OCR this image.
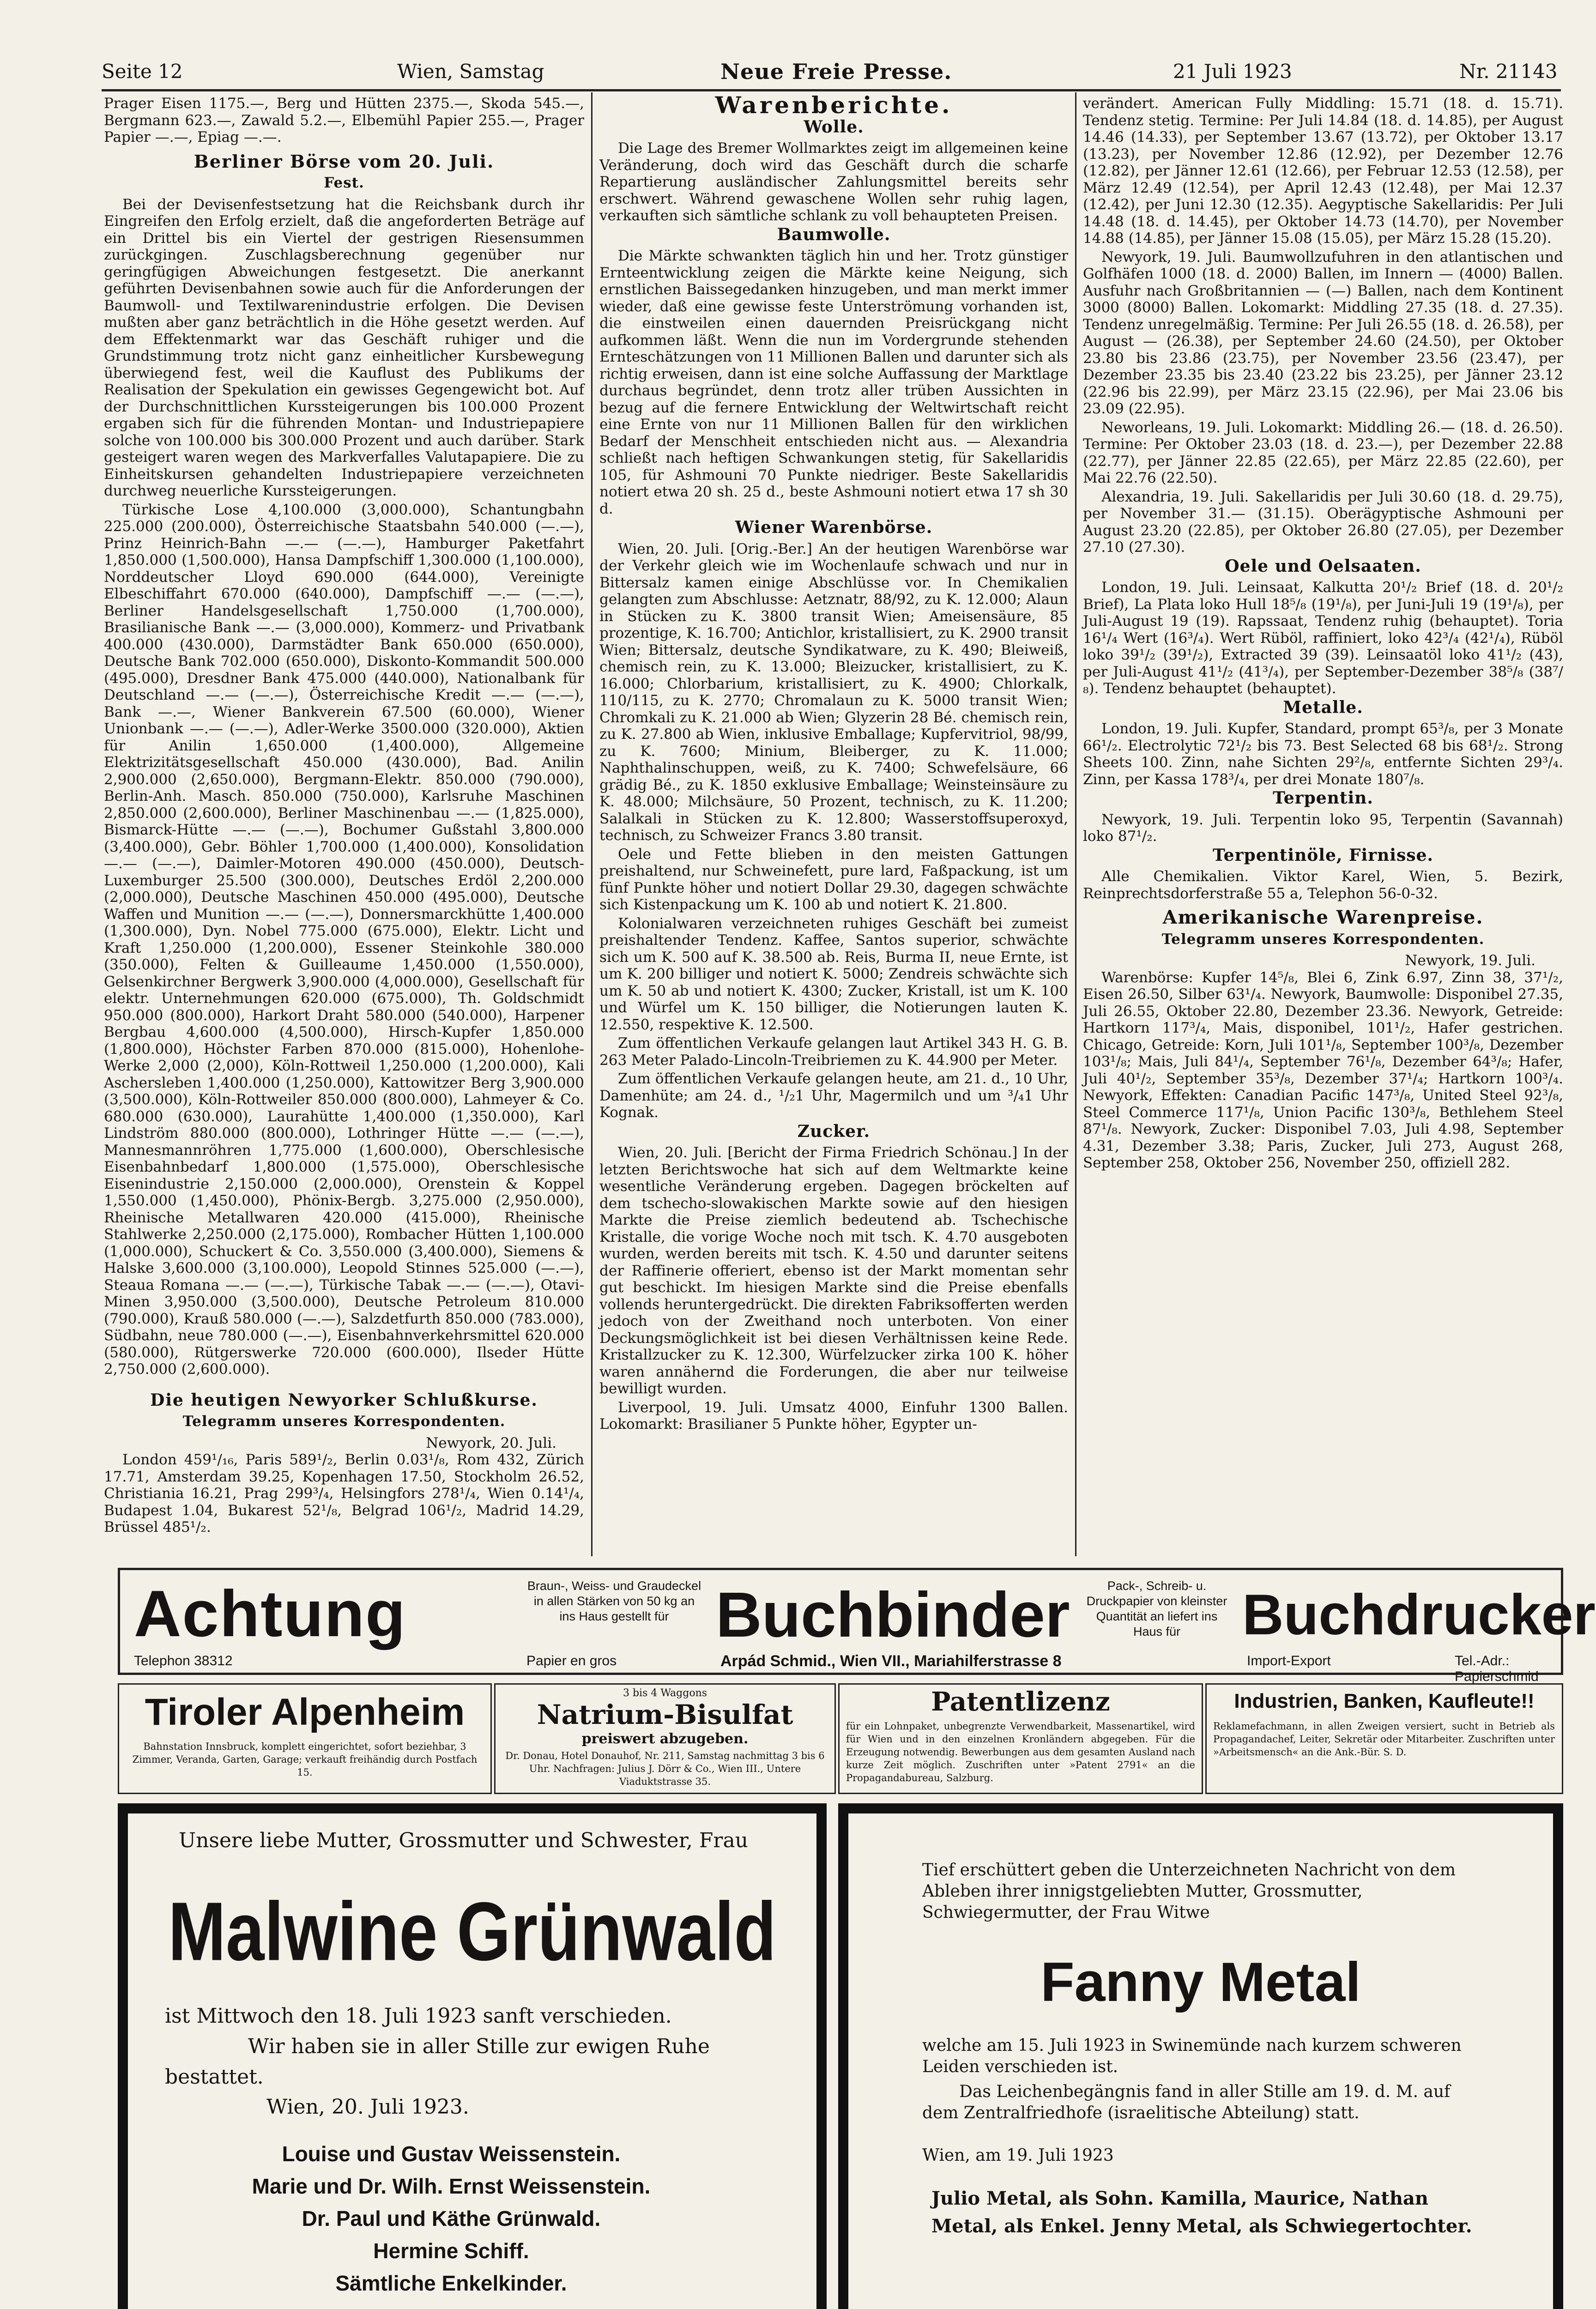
Seite 12	Wien, Samstag	Neue Freie Presse.	21 Juli 1923	Nr. 21143

Prager Eisen 1175.—, Berg und Hütten 2375.—, Skoda 545.—, Bergmann 623.—, Zawald 5.2.—, Elbemühl Papier 255.—, Prager Papier —.—, Epiag —.—.

Berliner Börse vom 20. Juli.
Fest.

Bei der Devisenfestsetzung hat die Reichsbank durch ihr Eingreifen den Erfolg erzielt, daß die angeforderten Beträge auf ein Drittel bis ein Viertel der gestrigen Riesensummen zurückgingen. Zuschlagsberechnung gegenüber nur geringfügigen Abweichungen festgesetzt. Die anerkannt geführten Devisenbahnen sowie auch für die Anforderungen der Baumwoll- und Textilwarenindustrie erfolgen. Die Devisen mußten aber ganz beträchtlich in die Höhe gesetzt werden. Auf dem Effektenmarkt war das Geschäft ruhiger und die Grundstimmung trotz nicht ganz einheitlicher Kursbewegung überwiegend fest, weil die Kauflust des Publikums der Realisation der Spekulation ein gewisses Gegengewicht bot. Auf der Durchschnittlichen Kurssteigerungen bis 100.000 Prozent ergaben sich für die führenden Montan- und Industriepapiere solche von 100.000 bis 300.000 Prozent und auch darüber. Stark gesteigert waren wegen des Markverfalles Valutapapiere. Die zu Einheitskursen gehandelten Industriepapiere verzeichneten durchweg neuerliche Kurssteigerungen.

Türkische Lose 4,100.000 (3,000.000), Schantungbahn 225.000 (200.000), Österreichische Staatsbahn 540.000 (—.—), Prinz Heinrich-Bahn —.— (—.—), Hamburger Paketfahrt 1,850.000 (1,500.000), Hansa Dampfschiff 1,300.000 (1,100.000), Norddeutscher Lloyd 690.000 (644.000), Vereinigte Elbeschiffahrt 670.000 (640.000), Dampfschiff —.— (—.—), Berliner Handelsgesellschaft 1,750.000 (1,700.000), Brasilianische Bank —.— (3,000.000), Kommerz- und Privatbank 400.000 (430.000), Darmstädter Bank 650.000 (650.000), Deutsche Bank 702.000 (650.000), Diskonto-Kommandit 500.000 (495.000), Dresdner Bank 475.000 (440.000), Nationalbank für Deutschland —.— (—.—), Österreichische Kredit —.— (—.—), Bank —.—, Wiener Bankverein 67.500 (60.000), Wiener Unionbank —.— (—.—), Adler-Werke 3500.000 (320.000), Aktien für Anilin 1,650.000 (1,400.000), Allgemeine Elektrizitätsgesellschaft 450.000 (430.000), Bad. Anilin 2,900.000 (2,650.000), Bergmann-Elektr. 850.000 (790.000), Berlin-Anh. Masch. 850.000 (750.000), Karlsruhe Maschinen 2,850.000 (2,600.000), Berliner Maschinenbau —.— (1,825.000), Bismarck-Hütte —.— (—.—), Bochumer Gußstahl 3,800.000 (3,400.000), Gebr. Böhler 1,700.000 (1,400.000), Konsolidation —.— (—.—), Daimler-Motoren 490.000 (450.000), Deutsch-Luxemburger 25.500 (300.000), Deutsches Erdöl 2,200.000 (2,000.000), Deutsche Maschinen 450.000 (495.000), Deutsche Waffen und Munition —.— (—.—), Donnersmarckhütte 1,400.000 (1,300.000), Dyn. Nobel 775.000 (675.000), Elektr. Licht und Kraft 1,250.000 (1,200.000), Essener Steinkohle 380.000 (350.000), Felten & Guilleaume 1,450.000 (1,550.000), Gelsenkirchner Bergwerk 3,900.000 (4,000.000), Gesellschaft für elektr. Unternehmungen 620.000 (675.000), Th. Goldschmidt 950.000 (800.000), Harkort Draht 580.000 (540.000), Harpener Bergbau 4,600.000 (4,500.000), Hirsch-Kupfer 1,850.000 (1,800.000), Höchster Farben 870.000 (815.000), Hohenlohe-Werke 2,000 (2,000), Köln-Rottweil 1,250.000 (1,200.000), Kali Aschersleben 1,400.000 (1,250.000), Kattowitzer Berg 3,900.000 (3,500.000), Köln-Rottweiler 850.000 (800.000), Lahmeyer & Co. 680.000 (630.000), Laurahütte 1,400.000 (1,350.000), Karl Lindström 880.000 (800.000), Lothringer Hütte —.— (—.—), Mannesmannröhren 1,775.000 (1,600.000), Oberschlesische Eisenbahnbedarf 1,800.000 (1,575.000), Oberschlesische Eisenindustrie 2,150.000 (2,000.000), Orenstein & Koppel 1,550.000 (1,450.000), Phönix-Bergb. 3,275.000 (2,950.000), Rheinische Metallwaren 420.000 (415.000), Rheinische Stahlwerke 2,250.000 (2,175.000), Rombacher Hütten 1,100.000 (1,000.000), Schuckert & Co. 3,550.000 (3,400.000), Siemens & Halske 3,600.000 (3,100.000), Leopold Stinnes 525.000 (—.—), Steaua Romana —.— (—.—), Türkische Tabak —.— (—.—), Otavi-Minen 3,950.000 (3,500.000), Deutsche Petroleum 810.000 (790.000), Krauß 580.000 (—.—), Salzdetfurth 850.000 (783.000), Südbahn, neue 780.000 (—.—), Eisenbahnverkehrsmittel 620.000 (580.000), Rütgerswerke 720.000 (600.000), Ilseder Hütte 2,750.000 (2,600.000).

Die heutigen Newyorker Schlußkurse.
Telegramm unseres Korrespondenten.
Newyork, 20. Juli.

London 459¹/₁₆, Paris 589¹/₂, Berlin 0.03¹/₈, Rom 432, Zürich 17.71, Amsterdam 39.25, Kopenhagen 17.50, Stockholm 26.52, Christiania 16.21, Prag 299³/₄, Helsingfors 278¹/₄, Wien 0.14¹/₄, Budapest 1.04, Bukarest 52¹/₈, Belgrad 106¹/₂, Madrid 14.29, Brüssel 485¹/₂.

Warenberichte.
Wolle.

Die Lage des Bremer Wollmarktes zeigt im allgemeinen keine Veränderung, doch wird das Geschäft durch die scharfe Repartierung ausländischer Zahlungsmittel bereits sehr erschwert. Während gewaschene Wollen sehr ruhig lagen, verkauften sich sämtliche schlank zu voll behaupteten Preisen.

Baumwolle.

Die Märkte schwankten täglich hin und her. Trotz günstiger Ernteentwicklung zeigen die Märkte keine Neigung, sich ernstlichen Baissegedanken hinzugeben, und man merkt immer wieder, daß eine gewisse feste Unterströmung vorhanden ist, die einstweilen einen dauernden Preisrückgang nicht aufkommen läßt. Wenn die nun im Vordergrunde stehenden Ernteschätzungen von 11 Millionen Ballen und darunter sich als richtig erweisen, dann ist eine solche Auffassung der Marktlage durchaus begründet, denn trotz aller trüben Aussichten in bezug auf die fernere Entwicklung der Weltwirtschaft reicht eine Ernte von nur 11 Millionen Ballen für den wirklichen Bedarf der Menschheit entschieden nicht aus. — Alexandria schließt nach heftigen Schwankungen stetig, für Sakellaridis 105, für Ashmouni 70 Punkte niedriger. Beste Sakellaridis notiert etwa 20 sh. 25 d., beste Ashmouni notiert etwa 17 sh 30 d.

Wiener Warenbörse.

Wien, 20. Juli. [Orig.-Ber.] An der heutigen Warenbörse war der Verkehr gleich wie im Wochenlaufe schwach und nur in Bittersalz kamen einige Abschlüsse vor. In Chemikalien gelangten zum Abschlusse: Aetznatr, 88/92, zu K. 12.000; Alaun in Stücken zu K. 3800 transit Wien; Ameisensäure, 85 prozentige, K. 16.700; Antichlor, kristallisiert, zu K. 2900 transit Wien; Bittersalz, deutsche Syndikatware, zu K. 490; Bleiweiß, chemisch rein, zu K. 13.000; Bleizucker, kristallisiert, zu K. 16.000; Chlorbarium, kristallisiert, zu K. 4900; Chlorkalk, 110/115, zu K. 2770; Chromalaun zu K. 5000 transit Wien; Chromkali zu K. 21.000 ab Wien; Glyzerin 28 Bé. chemisch rein, zu K. 27.800 ab Wien, inklusive Emballage; Kupfervitriol, 98/99, zu K. 7600; Minium, Bleiberger, zu K. 11.000; Naphthalinschuppen, weiß, zu K. 7400; Schwefelsäure, 66 grädig Bé., zu K. 1850 exklusive Emballage; Weinsteinsäure zu K. 48.000; Milchsäure, 50 Prozent, technisch, zu K. 11.200; Salalkali in Stücken zu K. 12.800; Wasserstoffsuperoxyd, technisch, zu Schweizer Francs 3.80 transit.

Oele und Fette blieben in den meisten Gattungen preishaltend, nur Schweinefett, pure lard, Faßpackung, ist um fünf Punkte höher und notiert Dollar 29.30, dagegen schwächte sich Kistenpackung um K. 100 ab und notiert K. 21.800.

Kolonialwaren verzeichneten ruhiges Geschäft bei zumeist preishaltender Tendenz. Kaffee, Santos superior, schwächte sich um K. 500 auf K. 38.500 ab. Reis, Burma II, neue Ernte, ist um K. 200 billiger und notiert K. 5000; Zendreis schwächte sich um K. 50 ab und notiert K. 4300; Zucker, Kristall, ist um K. 100 und Würfel um K. 150 billiger, die Notierungen lauten K. 12.550, respektive K. 12.500.

Zum öffentlichen Verkaufe gelangen laut Artikel 343 H. G. B. 263 Meter Palado-Lincoln-Treibriemen zu K. 44.900 per Meter.

Zum öffentlichen Verkaufe gelangen heute, am 21. d., 10 Uhr, Damenhüte; am 24. d., ¹/₂1 Uhr, Magermilch und um ³/₄1 Uhr Kognak.

Zucker.

Wien, 20. Juli. [Bericht der Firma Friedrich Schönau.] In der letzten Berichtswoche hat sich auf dem Weltmarkte keine wesentliche Veränderung ergeben. Dagegen bröckelten auf dem tschecho-slowakischen Markte sowie auf den hiesigen Markte die Preise ziemlich bedeutend ab. Tschechische Kristalle, die vorige Woche noch mit tsch. K. 4.70 ausgeboten wurden, werden bereits mit tsch. K. 4.50 und darunter seitens der Raffinerie offeriert, ebenso ist der Markt momentan sehr gut beschickt. Im hiesigen Markte sind die Preise ebenfalls vollends heruntergedrückt. Die direkten Fabriksofferten werden jedoch von der Zweithand noch unterboten. Von einer Deckungsmöglichkeit ist bei diesen Verhältnissen keine Rede. Kristallzucker zu K. 12.300, Würfelzucker zirka 100 K. höher waren annähernd die Forderungen, die aber nur teilweise bewilligt wurden.

Liverpool, 19. Juli. Umsatz 4000, Einfuhr 1300 Ballen. Lokomarkt: Brasilianer 5 Punkte höher, Egypter un-

verändert. American Fully Middling: 15.71 (18. d. 15.71). Tendenz stetig. Termine: Per Juli 14.84 (18. d. 14.85), per August 14.46 (14.33), per September 13.67 (13.72), per Oktober 13.17 (13.23), per November 12.86 (12.92), per Dezember 12.76 (12.82), per Jänner 12.61 (12.66), per Februar 12.53 (12.58), per März 12.49 (12.54), per April 12.43 (12.48), per Mai 12.37 (12.42), per Juni 12.30 (12.35). Aegyptische Sakellaridis: Per Juli 14.48 (18. d. 14.45), per Oktober 14.73 (14.70), per November 14.88 (14.85), per Jänner 15.08 (15.05), per März 15.28 (15.20).

Newyork, 19. Juli. Baumwollzufuhren in den atlantischen und Golfhäfen 1000 (18. d. 2000) Ballen, im Innern — (4000) Ballen. Ausfuhr nach Großbritannien — (—) Ballen, nach dem Kontinent 3000 (8000) Ballen. Lokomarkt: Middling 27.35 (18. d. 27.35). Tendenz unregelmäßig. Termine: Per Juli 26.55 (18. d. 26.58), per August — (26.38), per September 24.60 (24.50), per Oktober 23.80 bis 23.86 (23.75), per November 23.56 (23.47), per Dezember 23.35 bis 23.40 (23.22 bis 23.25), per Jänner 23.12 (22.96 bis 22.99), per März 23.15 (22.96), per Mai 23.06 bis 23.09 (22.95).

Neworleans, 19. Juli. Lokomarkt: Middling 26.— (18. d. 26.50). Termine: Per Oktober 23.03 (18. d. 23.—), per Dezember 22.88 (22.77), per Jänner 22.85 (22.65), per März 22.85 (22.60), per Mai 22.76 (22.50).

Alexandria, 19. Juli. Sakellaridis per Juli 30.60 (18. d. 29.75), per November 31.— (31.15). Oberägyptische Ashmouni per August 23.20 (22.85), per Oktober 26.80 (27.05), per Dezember 27.10 (27.30).

Oele und Oelsaaten.

London, 19. Juli. Leinsaat, Kalkutta 20¹/₂ Brief (18. d. 20¹/₂ Brief), La Plata loko Hull 18⁵/₈ (19¹/₈), per Juni-Juli 19 (19¹/₈), per Juli-August 19 (19). Rapssaat, Tendenz ruhig (behauptet). Toria 16¹/₄ Wert (16³/₄). Wert Rüböl, raffiniert, loko 42³/₄ (42¹/₄), Rüböl loko 39¹/₂ (39¹/₂), Extracted 39 (39). Leinsaatöl loko 41¹/₂ (43), per Juli-August 41¹/₂ (41³/₄), per September-Dezember 38⁵/₈ (38⁷/₈). Tendenz behauptet (behauptet).

Metalle.

London, 19. Juli. Kupfer, Standard, prompt 65³/₈, per 3 Monate 66¹/₂. Electrolytic 72¹/₂ bis 73. Best Selected 68 bis 68¹/₂. Strong Sheets 100. Zinn, nahe Sichten 29²/₈, entfernte Sichten 29³/₄. Zinn, per Kassa 178³/₄, per drei Monate 180⁷/₈.

Terpentin.

Newyork, 19. Juli. Terpentin loko 95, Terpentin (Savannah) loko 87¹/₂.

Terpentinöle, Firnisse.

Alle Chemikalien. Viktor Karel, Wien, 5. Bezirk, Reinprechtsdorferstraße 55 a, Telephon 56-0-32.

Amerikanische Warenpreise.
Telegramm unseres Korrespondenten.
Newyork, 19. Juli.

Warenbörse: Kupfer 14⁵/₈, Blei 6, Zink 6.97, Zinn 38, 37¹/₂, Eisen 26.50, Silber 63¹/₄. Newyork, Baumwolle: Disponibel 27.35, Juli 26.55, Oktober 22.80, Dezember 23.36. Newyork, Getreide: Hartkorn 117³/₄, Mais, disponibel, 101¹/₂, Hafer gestrichen. Chicago, Getreide: Korn, Juli 101¹/₈, September 100³/₈, Dezember 103¹/₈; Mais, Juli 84¹/₄, September 76¹/₈, Dezember 64³/₈; Hafer, Juli 40¹/₂, September 35³/₈, Dezember 37¹/₄; Hartkorn 100³/₄. Newyork, Effekten: Canadian Pacific 147³/₈, United Steel 92³/₈, Steel Commerce 117¹/₈, Union Pacific 130³/₈, Bethlehem Steel 87¹/₈. Newyork, Zucker: Disponibel 7.03, Juli 4.98, September 4.31, Dezember 3.38; Paris, Zucker, Juli 273, August 268, September 258, Oktober 256, November 250, offiziell 282.

Achtung	Braun-, Weiss- und Graudeckel in allen Stärken von 50 kg an ins Haus gestellt für Buchbinder	Pack-, Schreib- u. Druckpapier von kleinster Quantität an liefert ins Haus für	Buchdrucker
Telephon 38312	Papier en gros	Arpád Schmid., Wien VII., Mariahilferstrasse 8	Import-Export	Tel.-Adr.: Papierschmid
Tiroler Alpenheim
Bahnstation Innsbruck, komplett eingerichtet, sofort beziehbar, 3 Zimmer, Veranda, Garten, Garage; verkauft freihändig durch Postfach 15.
3 bis 4 Waggons
Natrium-Bisulfat
preiswert abzugeben.
Dr. Donau, Hotel Donauhof, Nr. 211, Samstag nachmittag 3 bis 6 Uhr. Nachfragen: Julius J. Dörr & Co., Wien III., Untere Viaduktstrasse 35.
Patentlizenz
für ein Lohnpaket, unbegrenzte Verwendbarkeit, Massenartikel, wird für Wien und in den einzelnen Kronländern abgegeben. Für die Erzeugung notwendig. Bewerbungen aus dem gesamten Ausland nach kurze Zeit möglich. Zuschriften unter »Patent 2791« an die Propagandabureau, Salzburg.
Industrien, Banken, Kaufleute!!
Reklamefachmann, in allen Zweigen versiert, sucht in Betrieb als Propagandachef, Leiter, Sekretär oder Mitarbeiter. Zuschriften unter »Arbeitsmensch« an die Ank.-Bür. S. D.
Unsere liebe Mutter, Grossmutter und Schwester, Frau
Malwine Grünwald
ist Mittwoch den 18. Juli 1923 sanft verschieden.
Wir haben sie in aller Stille zur ewigen Ruhe bestattet.
Wien, 20. Juli 1923.
Louise und Gustav Weissenstein.
Marie und Dr. Wilh. Ernst Weissenstein.
Dr. Paul und Käthe Grünwald.
Hermine Schiff.
Sämtliche Enkelkinder.
Tief erschüttert geben die Unterzeichneten Nachricht von dem Ableben ihrer innigstgeliebten Mutter, Grossmutter, Schwiegermutter, der Frau Witwe
Fanny Metal
welche am 15. Juli 1923 in Swinemünde nach kurzem schweren Leiden verschieden ist.
Das Leichenbegängnis fand in aller Stille am 19. d. M. auf dem Zentralfriedhofe (israelitische Abteilung) statt.
Wien, am 19. Juli 1923
Julio Metal, als Sohn. Kamilla, Maurice, Nathan
Metal, als Enkel. Jenny Metal, als Schwiegertochter.
